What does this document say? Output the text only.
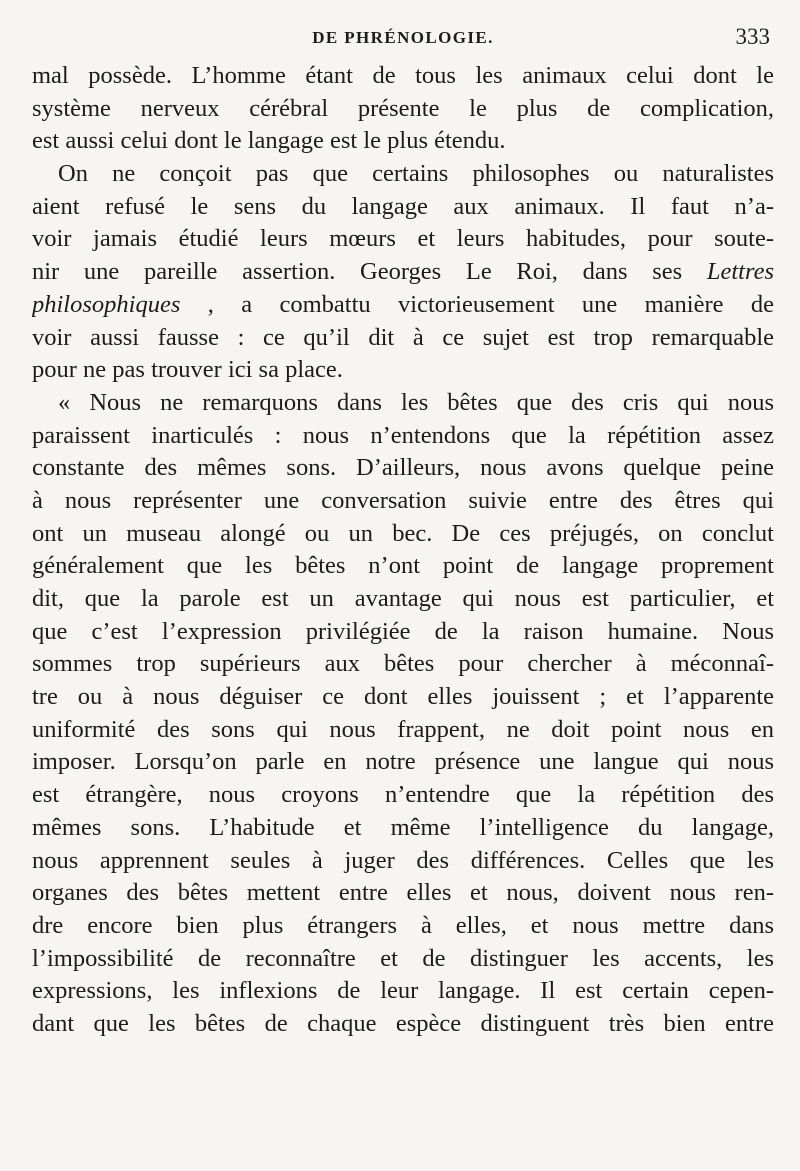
DE PHRÉNOLOGIE.	333
mal possède. L’homme étant de tous les animaux celui dont le
système nerveux cérébral présente le plus de complication,
est aussi celui dont le langage est le plus étendu.
On ne conçoit pas que certains philosophes ou naturalistes
aient refusé le sens du langage aux animaux. Il faut n’a-
voir jamais étudié leurs mœurs et leurs habitudes, pour soute-
nir une pareille assertion. Georges Le Roi, dans ses Lettres
philosophiques , a combattu victorieusement une manière de
voir aussi fausse : ce qu’il dit à ce sujet est trop remarquable
pour ne pas trouver ici sa place.
« Nous ne remarquons dans les bêtes que des cris qui nous
paraissent inarticulés : nous n’entendons que la répétition assez
constante des mêmes sons. D’ailleurs, nous avons quelque peine
à nous représenter une conversation suivie entre des êtres qui
ont un museau alongé ou un bec. De ces préjugés, on conclut
généralement que les bêtes n’ont point de langage proprement
dit, que la parole est un avantage qui nous est particulier, et
que c’est l’expression privilégiée de la raison humaine. Nous
sommes trop supérieurs aux bêtes pour chercher à méconnaî-
tre ou à nous déguiser ce dont elles jouissent ; et l’apparente
uniformité des sons qui nous frappent, ne doit point nous en
imposer. Lorsqu’on parle en notre présence une langue qui nous
est étrangère, nous croyons n’entendre que la répétition des
mêmes sons. L’habitude et même l’intelligence du langage,
nous apprennent seules à juger des différences. Celles que les
organes des bêtes mettent entre elles et nous, doivent nous ren-
dre encore bien plus étrangers à elles, et nous mettre dans
l’impossibilité de reconnaître et de distinguer les accents, les
expressions, les inflexions de leur langage. Il est certain cepen-
dant que les bêtes de chaque espèce distinguent très bien entre
